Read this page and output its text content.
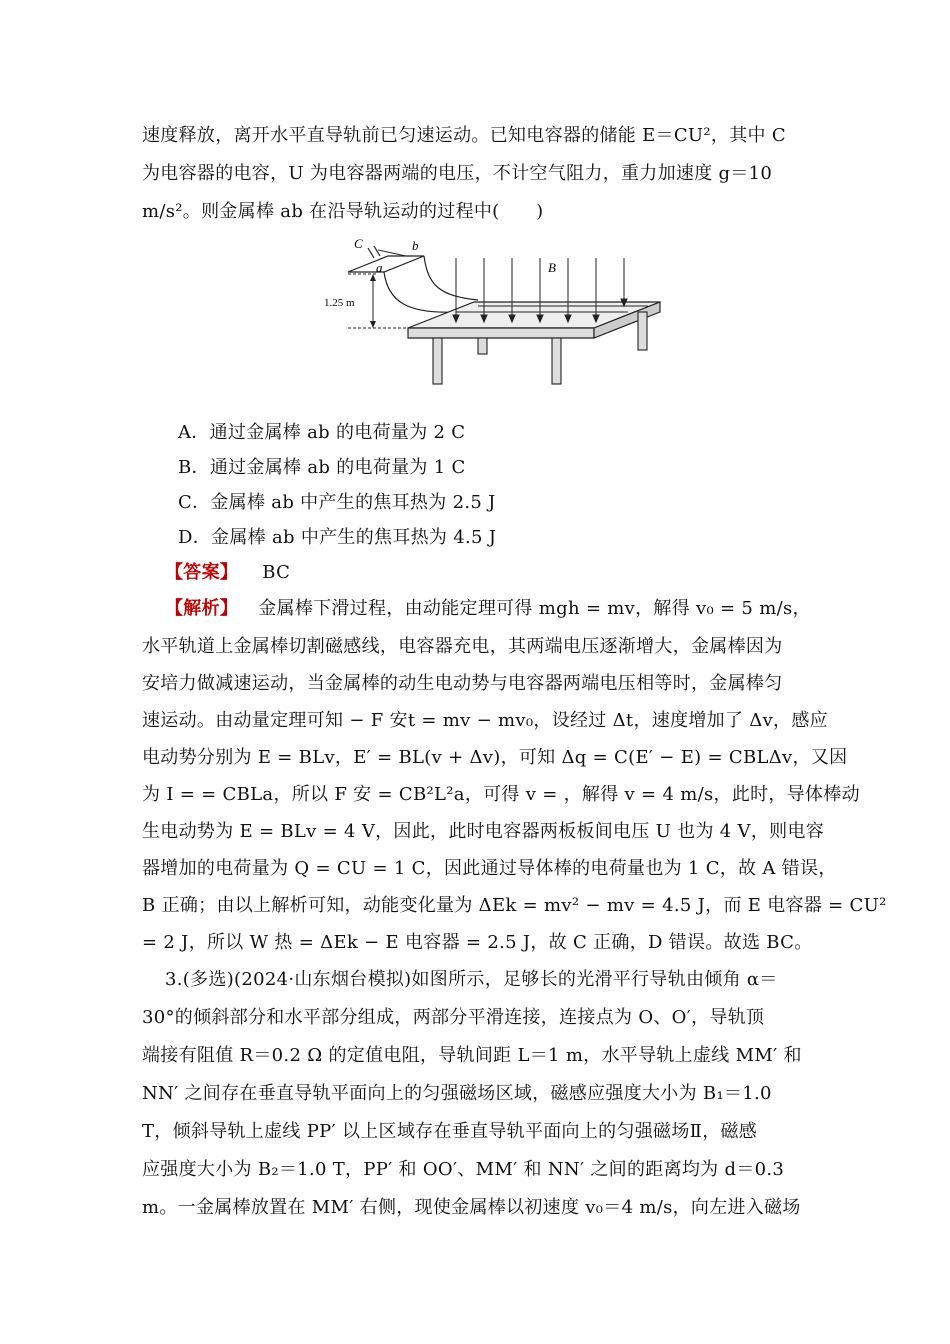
速度释放，离开水平直导轨前已匀速运动。已知电容器的储能 E＝CU²，其中 C
为电容器的电容，U 为电容器两端的电压，不计空气阻力，重力加速度 g＝10
m/s²。则金属棒 ab 在沿导轨运动的过程中(　　)
C
a
b
B
1.25 m
A．通过金属棒 ab 的电荷量为 2 C
B．通过金属棒 ab 的电荷量为 1 C
C．金属棒 ab 中产生的焦耳热为 2.5 J
D．金属棒 ab 中产生的焦耳热为 4.5 J
【答案】 BC
【解析】 金属棒下滑过程，由动能定理可得 mgh = mv，解得 v₀ = 5 m/s，
水平轨道上金属棒切割磁感线，电容器充电，其两端电压逐渐增大，金属棒因为
安培力做减速运动，当金属棒的动生电动势与电容器两端电压相等时，金属棒匀
速运动。由动量定理可知 − F 安t = mv − mv₀，设经过 Δt，速度增加了 Δv，感应
电动势分别为 E = BLv，E′ = BL(v + Δv)，可知 Δq = C(E′ − E) = CBLΔv，又因
为 I = = CBLa，所以 F 安 = CB²L²a，可得 v = ，解得 v = 4 m/s，此时，导体棒动
生电动势为 E = BLv = 4 V，因此，此时电容器两板板间电压 U 也为 4 V，则电容
器增加的电荷量为 Q = CU = 1 C，因此通过导体棒的电荷量也为 1 C，故 A 错误，
B 正确；由以上解析可知，动能变化量为 ΔEk = mv² − mv = 4.5 J，而 E 电容器 = CU²
= 2 J，所以 W 热 = ΔEk − E 电容器 = 2.5 J，故 C 正确，D 错误。故选 BC。
3.(多选)(2024·山东烟台模拟)如图所示，足够长的光滑平行导轨由倾角 α＝
30°的倾斜部分和水平部分组成，两部分平滑连接，连接点为 O、O′，导轨顶
端接有阻值 R＝0.2 Ω 的定值电阻，导轨间距 L＝1 m，水平导轨上虚线 MM′ 和
NN′ 之间存在垂直导轨平面向上的匀强磁场区域，磁感应强度大小为 B₁＝1.0
T，倾斜导轨上虚线 PP′ 以上区域存在垂直导轨平面向上的匀强磁场Ⅱ，磁感
应强度大小为 B₂＝1.0 T，PP′ 和 OO′、MM′ 和 NN′ 之间的距离均为 d＝0.3
m。一金属棒放置在 MM′ 右侧，现使金属棒以初速度 v₀＝4 m/s，向左进入磁场
